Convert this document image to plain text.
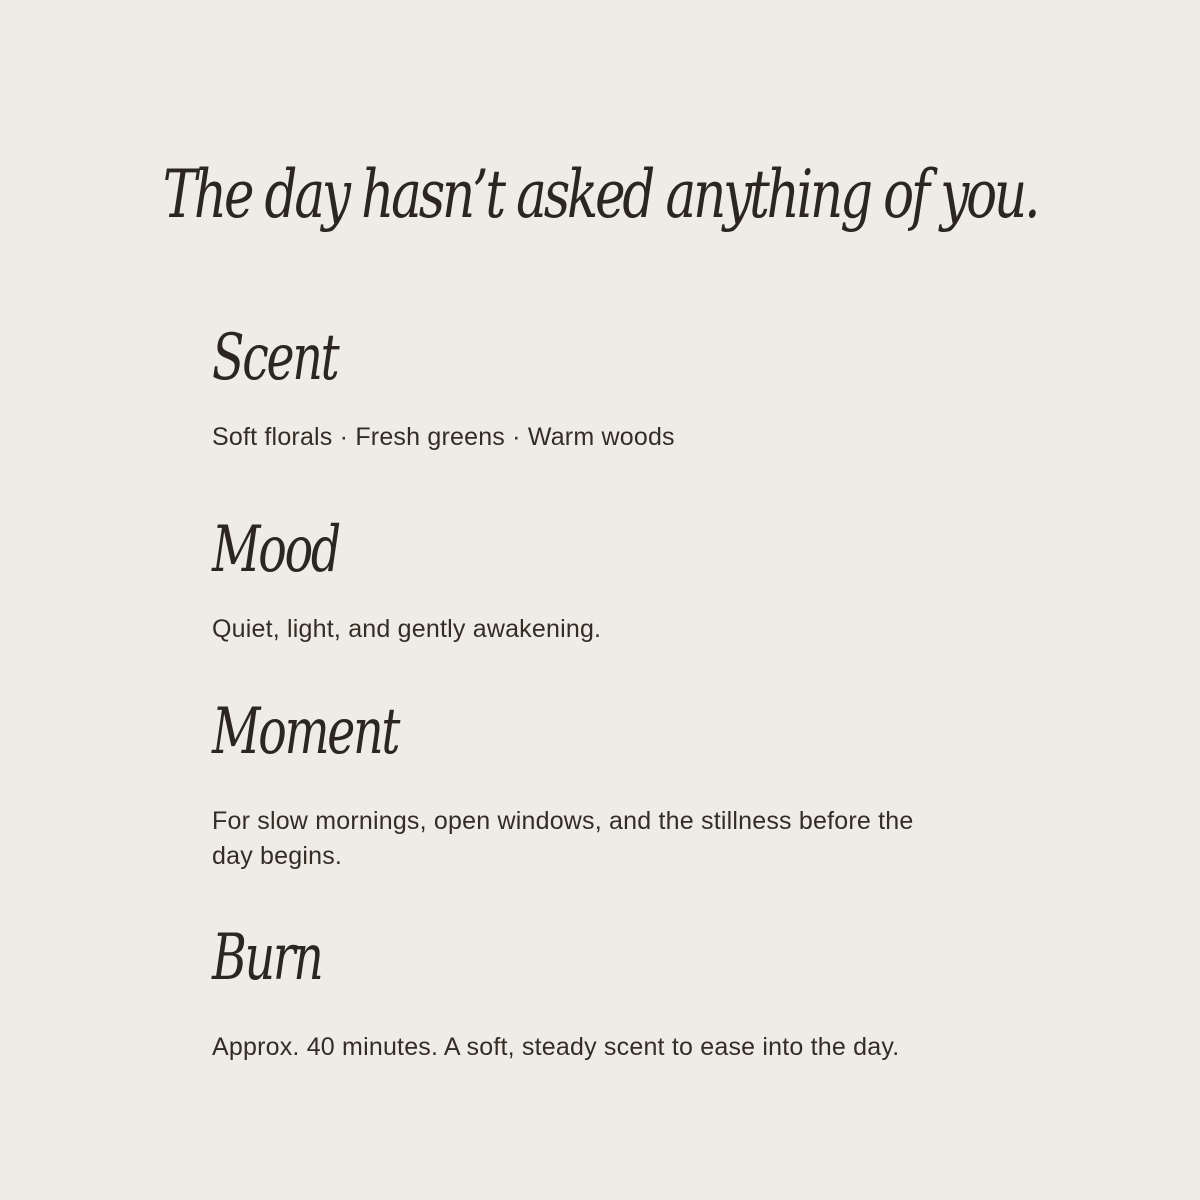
The day hasn’t asked anything of you.
Scent

Soft florals · Fresh greens · Warm woods

Mood

Quiet, light, and gently awakening.

Moment

For slow mornings, open windows, and the stillness before the day begins.

Burn

Approx. 40 minutes. A soft, steady scent to ease into the day.
